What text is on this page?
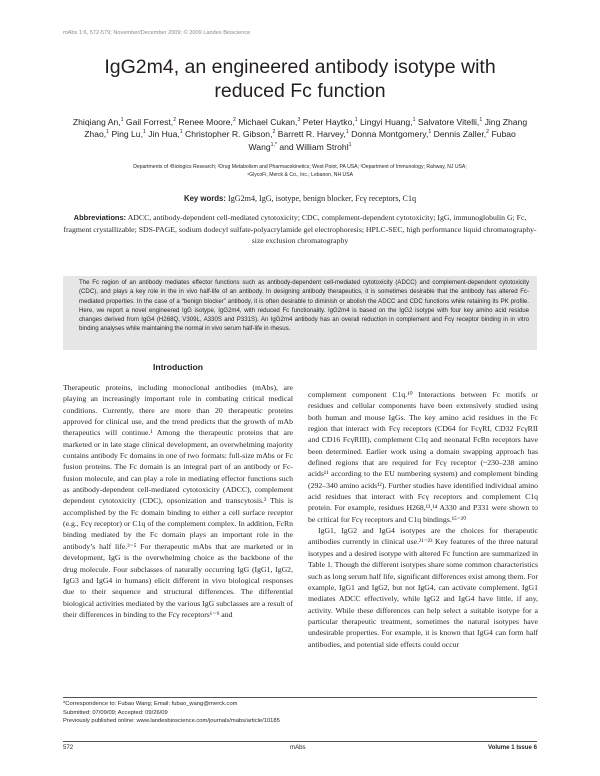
mAbs 1:6, 572-579; November/December 2009; © 2009 Landes Bioscience
IgG2m4, an engineered antibody isotype with
reduced Fc function
Zhiqiang An,$^1$ Gail Forrest,$^2$ Renee Moore,$^2$ Michael Cukan,$^3$ Peter Haytko,$^1$ Lingyi Huang,$^1$ Salvatore Vitelli,$^1$ Jing Zhang Zhao,$^1$ Ping Lu,$^1$ Jin Hua,$^1$ Christopher R. Gibson,$^2$ Barrett R. Harvey,$^1$ Donna Montgomery,$^1$ Dennis Zaller,$^2$ Fubao Wang$^{1,*}$ and William Strohl$^1$
Departments of ¹Biologics Research; ²Drug Metabolism and Pharmacokinetics; West Point, PA USA; ³Department of Immunology; Rahway, NJ USA;
⁴GlycoFi, Merck & Co., Inc.; Lebanon, NH USA
Key words: IgG2m4, IgG, isotype, benign blocker, Fcγ receptors, C1q
Abbreviations: ADCC, antibody-dependent cell-mediated cytotoxicity; CDC, complement-dependent cytotoxicity; IgG, immunoglobulin G; Fc, fragment crystallizable; SDS-PAGE, sodium dodecyl sulfate-polyacrylamide gel electrophoresis; HPLC-SEC, high performance liquid chromatography-size exclusion chromatography

The Fc region of an antibody mediates effector functions such as antibody-dependent cell-mediated cytotoxicity (ADCC) and complement-dependent cytotoxicity (CDC), and plays a key role in the in vivo half-life of an antibody. In designing antibody therapeutics, it is sometimes desirable that the antibody has altered Fc-mediated properties. In the case of a “benign blocker” antibody, it is often desirable to diminish or abolish the ADCC and CDC functions while retaining its PK profile. Here, we report a novel engineered IgG isotype, IgG2m4, with reduced Fc functionality. IgG2m4 is based on the IgG2 isotype with four key amino acid residue changes derived from IgG4 (H268Q, V309L, A330S and P331S). An IgG2m4 antibody has an overall reduction in complement and Fcγ receptor binding in in vitro binding analyses while maintaining the normal in vivo serum half-life in rhesus.

Introduction

Therapeutic proteins, including monoclonal antibodies (mAbs), are playing an increasingly important role in combating critical medical conditions. Currently, there are more than 20 therapeutic proteins approved for clinical use, and the trend predicts that the growth of mAb therapeutics will continue.¹ Among the therapeutic proteins that are marketed or in late stage clinical development, an overwhelming majority contains antibody Fc domains in one of two formats: full-size mAbs or Fc fusion proteins. The Fc domain is an integral part of an antibody or Fc-fusion molecule, and can play a role in mediating effector functions such as antibody-dependent cell-mediated cytotoxicity (ADCC), complement dependent cytotoxicity (CDC), opsonization and transcytosis.² This is accomplished by the Fc domain binding to either a cell surface receptor (e.g., Fcγ receptor) or C1q of the complement complex. In addition, FcRn binding mediated by the Fc domain plays an important role in the antibody’s half life.³⁻⁵ For therapeutic mAbs that are marketed or in development, IgG is the overwhelming choice as the backbone of the drug molecule. Four subclasses of naturally occurring IgG (IgG1, IgG2, IgG3 and IgG4 in humans) elicit different in vivo biological responses due to their sequence and structural differences. The differential biological activities mediated by the various IgG subclasses are a result of their differences in binding to the Fcγ receptors⁶⁻⁹ and

complement component C1q.¹⁰ Interactions between Fc motifs or residues and cellular components have been extensively studied using both human and mouse IgGs. The key amino acid residues in the Fc region that interact with Fcγ receptors (CD64 for FcγRI, CD32 FcγRII and CD16 FcγRIII), complement C1q and neonatal FcRn receptors have been determined. Earlier work using a domain swapping approach has defined regions that are required for Fcγ receptor (~230–238 amino acids¹¹ according to the EU numbering system) and complement binding (292–340 amino acids¹²). Further studies have identified individual amino acid residues that interact with Fcγ receptors and complement C1q protein. For example, residues H268,¹³,¹⁴ A330 and P331 were shown to be critical for Fcγ receptors and C1q bindings.¹⁵⁻²⁰

IgG1, IgG2 and IgG4 isotypes are the choices for therapeutic antibodies currently in clinical use.²¹⁻²³ Key features of the three natural isotypes and a desired isotype with altered Fc function are summarized in Table 1. Though the different isotypes share some common characteristics such as long serum half life, significant differences exist among them. For example, IgG1 and IgG2, but not IgG4, can activate complement. IgG1 mediates ADCC effectively, while IgG2 and IgG4 have little, if any, activity. While these differences can help select a suitable isotype for a particular therapeutic treatment, sometimes the natural isotypes have undesirable properties. For example, it is known that IgG4 can form half antibodies, and potential side effects could occur

*Correspondence to: Fubao Wang; Email: fubao_wang@merck.com
Submitted: 07/09/09; Accepted: 09/26/09
Previously published online: www.landesbioscience.com/journals/mabs/article/10185
572	mAbs	Volume 1 Issue 6
